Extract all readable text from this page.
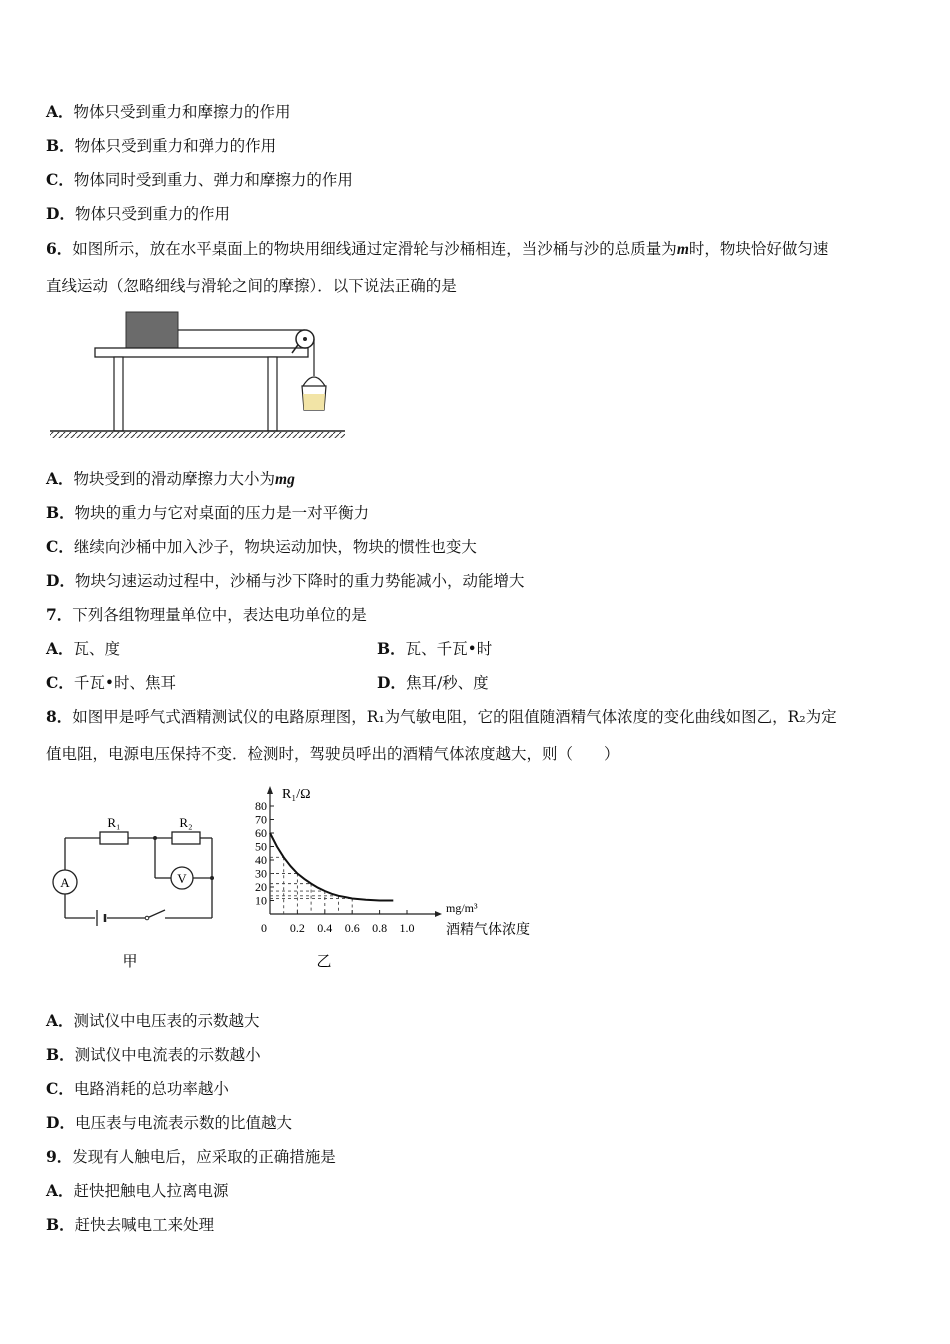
A．物体只受到重力和摩擦力的作用
B．物体只受到重力和弹力的作用
C．物体同时受到重力、弹力和摩擦力的作用
D．物体只受到重力的作用
6．如图所示，放在水平桌面上的物块用细线通过定滑轮与沙桶相连，当沙桶与沙的总质量为m时，物块恰好做匀速
直线运动（忽略细线与滑轮之间的摩擦）．以下说法正确的是
A．物块受到的滑动摩擦力大小为mg
B．物块的重力与它对桌面的压力是一对平衡力
C．继续向沙桶中加入沙子，物块运动加快，物块的惯性也变大
D．物块匀速运动过程中，沙桶与沙下降时的重力势能减小，动能增大
7．下列各组物理量单位中，表达电功单位的是
A．瓦、度	B．瓦、千瓦•时
C．千瓦•时、焦耳	D．焦耳/秒、度
8．如图甲是呼气式酒精测试仪的电路原理图，R₁为气敏电阻，它的阻值随酒精气体浓度的变化曲线如图乙，R₂为定
值电阻，电源电压保持不变．检测时，驾驶员呼出的酒精气体浓度越大，则（　　）
A	V
R₁	R₂
甲
10
20
30
40
50
60
70
80
0.2 0.4 0.6 0.8 1.0
0
R₁/Ω
mg/m³
酒精气体浓度
乙
A．测试仪中电压表的示数越大
B．测试仪中电流表的示数越小
C．电路消耗的总功率越小
D．电压表与电流表示数的比值越大
9．发现有人触电后，应采取的正确措施是
A．赶快把触电人拉离电源
B．赶快去喊电工来处理
